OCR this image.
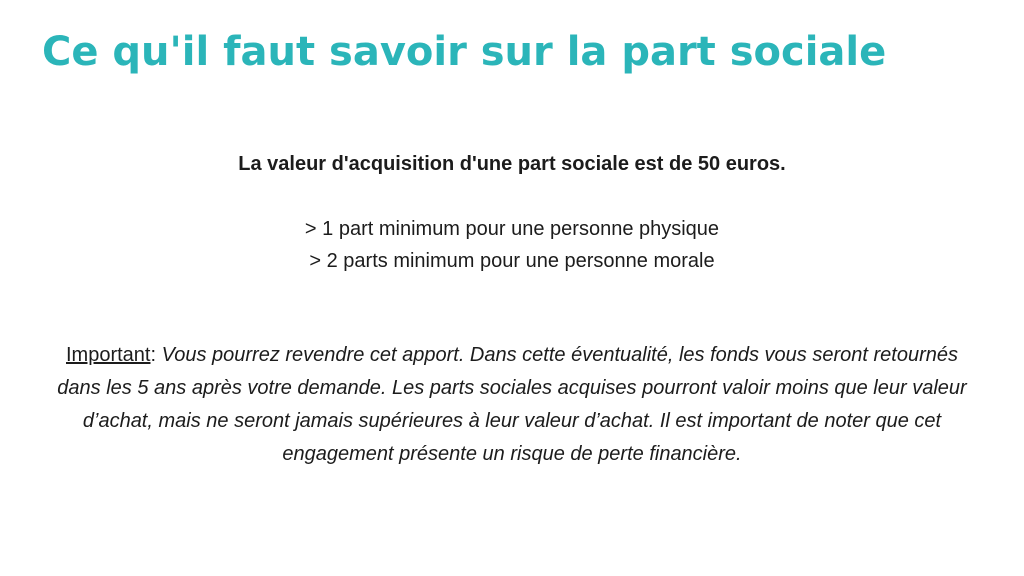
Ce qu'il faut savoir sur la part sociale

La valeur d'acquisition d'une part sociale est de 50 euros.

> 1 part minimum pour une personne physique
> 2 parts minimum pour une personne morale

Important: Vous pourrez revendre cet apport. Dans cette éventualité, les fonds vous seront retournés dans les 5 ans après votre demande. Les parts sociales acquises pourront valoir moins que leur valeur d’achat, mais ne seront jamais supérieures à leur valeur d’achat. Il est important de noter que cet engagement présente un risque de perte financière.
